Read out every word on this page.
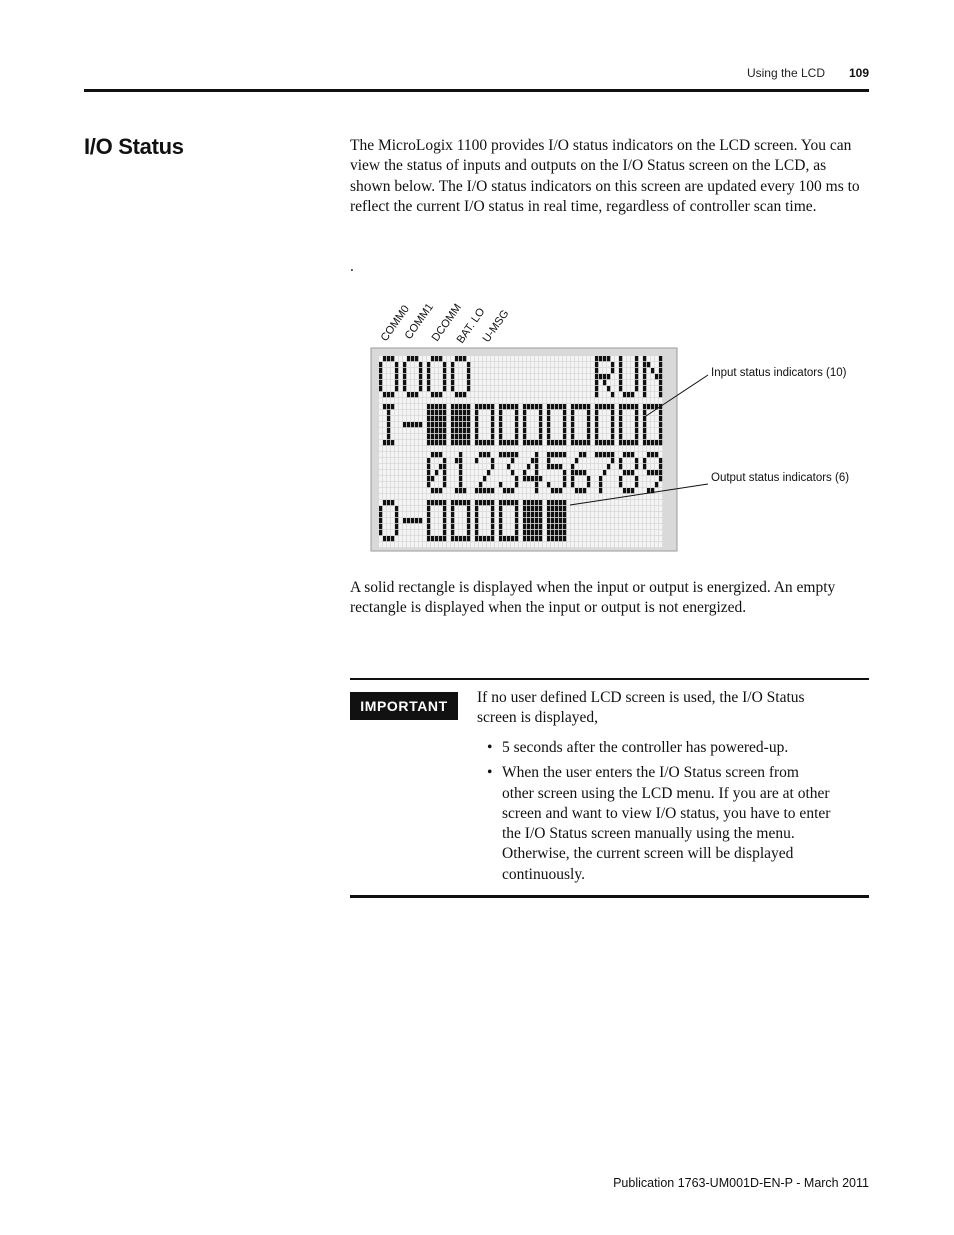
Using the LCD 109
I/O Status	The MicroLogix 1100 provides I/O status indicators on the LCD screen. You can view the status of inputs and outputs on the I/O Status screen on the LCD, as shown below. The I/O status indicators on this screen are updated every 100 ms to reflect the current I/O status in real time, regardless of controller scan time.
.
COMM0
COMM1
DCOMM
BAT. LO
U-MSG
Input status indicators (10)
Output status indicators (6)
A solid rectangle is displayed when the input or output is energized. An empty rectangle is displayed when the input or output is not energized.
IMPORTANT	If no user defined LCD screen is used, the I/O Status screen is displayed,
• 5 seconds after the controller has powered-up.
• When the user enters the I/O Status screen from other screen using the LCD menu. If you are at other screen and want to view I/O status, you have to enter the I/O Status screen manually using the menu. Otherwise, the current screen will be displayed continuously.
Publication 1763-UM001D-EN-P - March 2011
